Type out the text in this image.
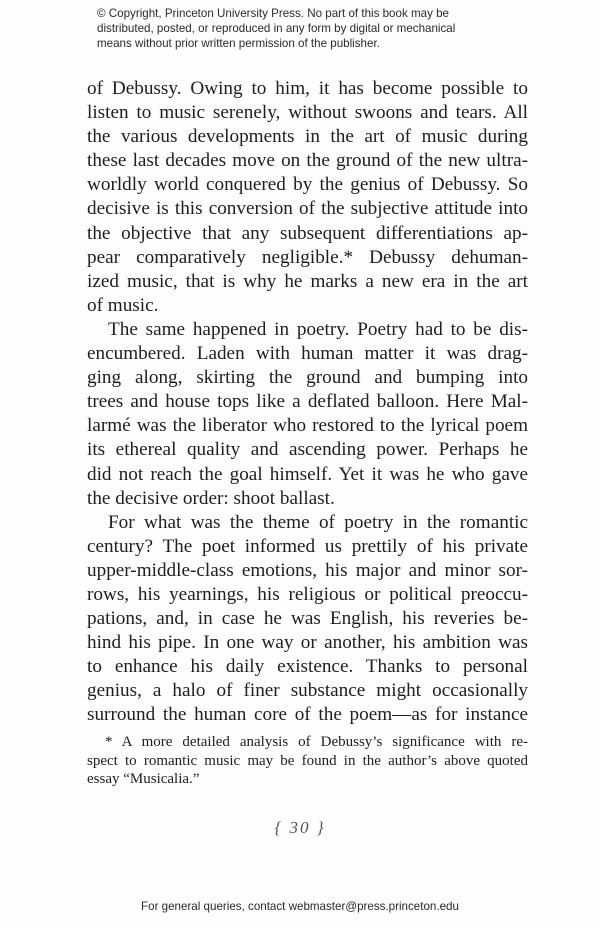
© Copyright, Princeton University Press. No part of this book may be
distributed, posted, or reproduced in any form by digital or mechanical
means without prior written permission of the publisher.
of Debussy. Owing to him, it has become possible to
listen to music serenely, without swoons and tears. All
the various developments in the art of music during
these last decades move on the ground of the new ultra-
worldly world conquered by the genius of Debussy. So
decisive is this conversion of the subjective attitude into
the objective that any subsequent differentiations ap-
pear comparatively negligible.* Debussy dehuman-
ized music, that is why he marks a new era in the art
of music.
The same happened in poetry. Poetry had to be dis-
encumbered. Laden with human matter it was drag-
ging along, skirting the ground and bumping into
trees and house tops like a deflated balloon. Here Mal-
larmé was the liberator who restored to the lyrical poem
its ethereal quality and ascending power. Perhaps he
did not reach the goal himself. Yet it was he who gave
the decisive order: shoot ballast.
For what was the theme of poetry in the romantic
century? The poet informed us prettily of his private
upper-middle-class emotions, his major and minor sor-
rows, his yearnings, his religious or political preoccu-
pations, and, in case he was English, his reveries be-
hind his pipe. In one way or another, his ambition was
to enhance his daily existence. Thanks to personal
genius, a halo of finer substance might occasionally
surround the human core of the poem—as for instance
* A more detailed analysis of Debussy’s significance with re-
spect to romantic music may be found in the author’s above quoted
essay “Musicalia.”
{ 30 }
For general queries, contact webmaster@press.princeton.edu
